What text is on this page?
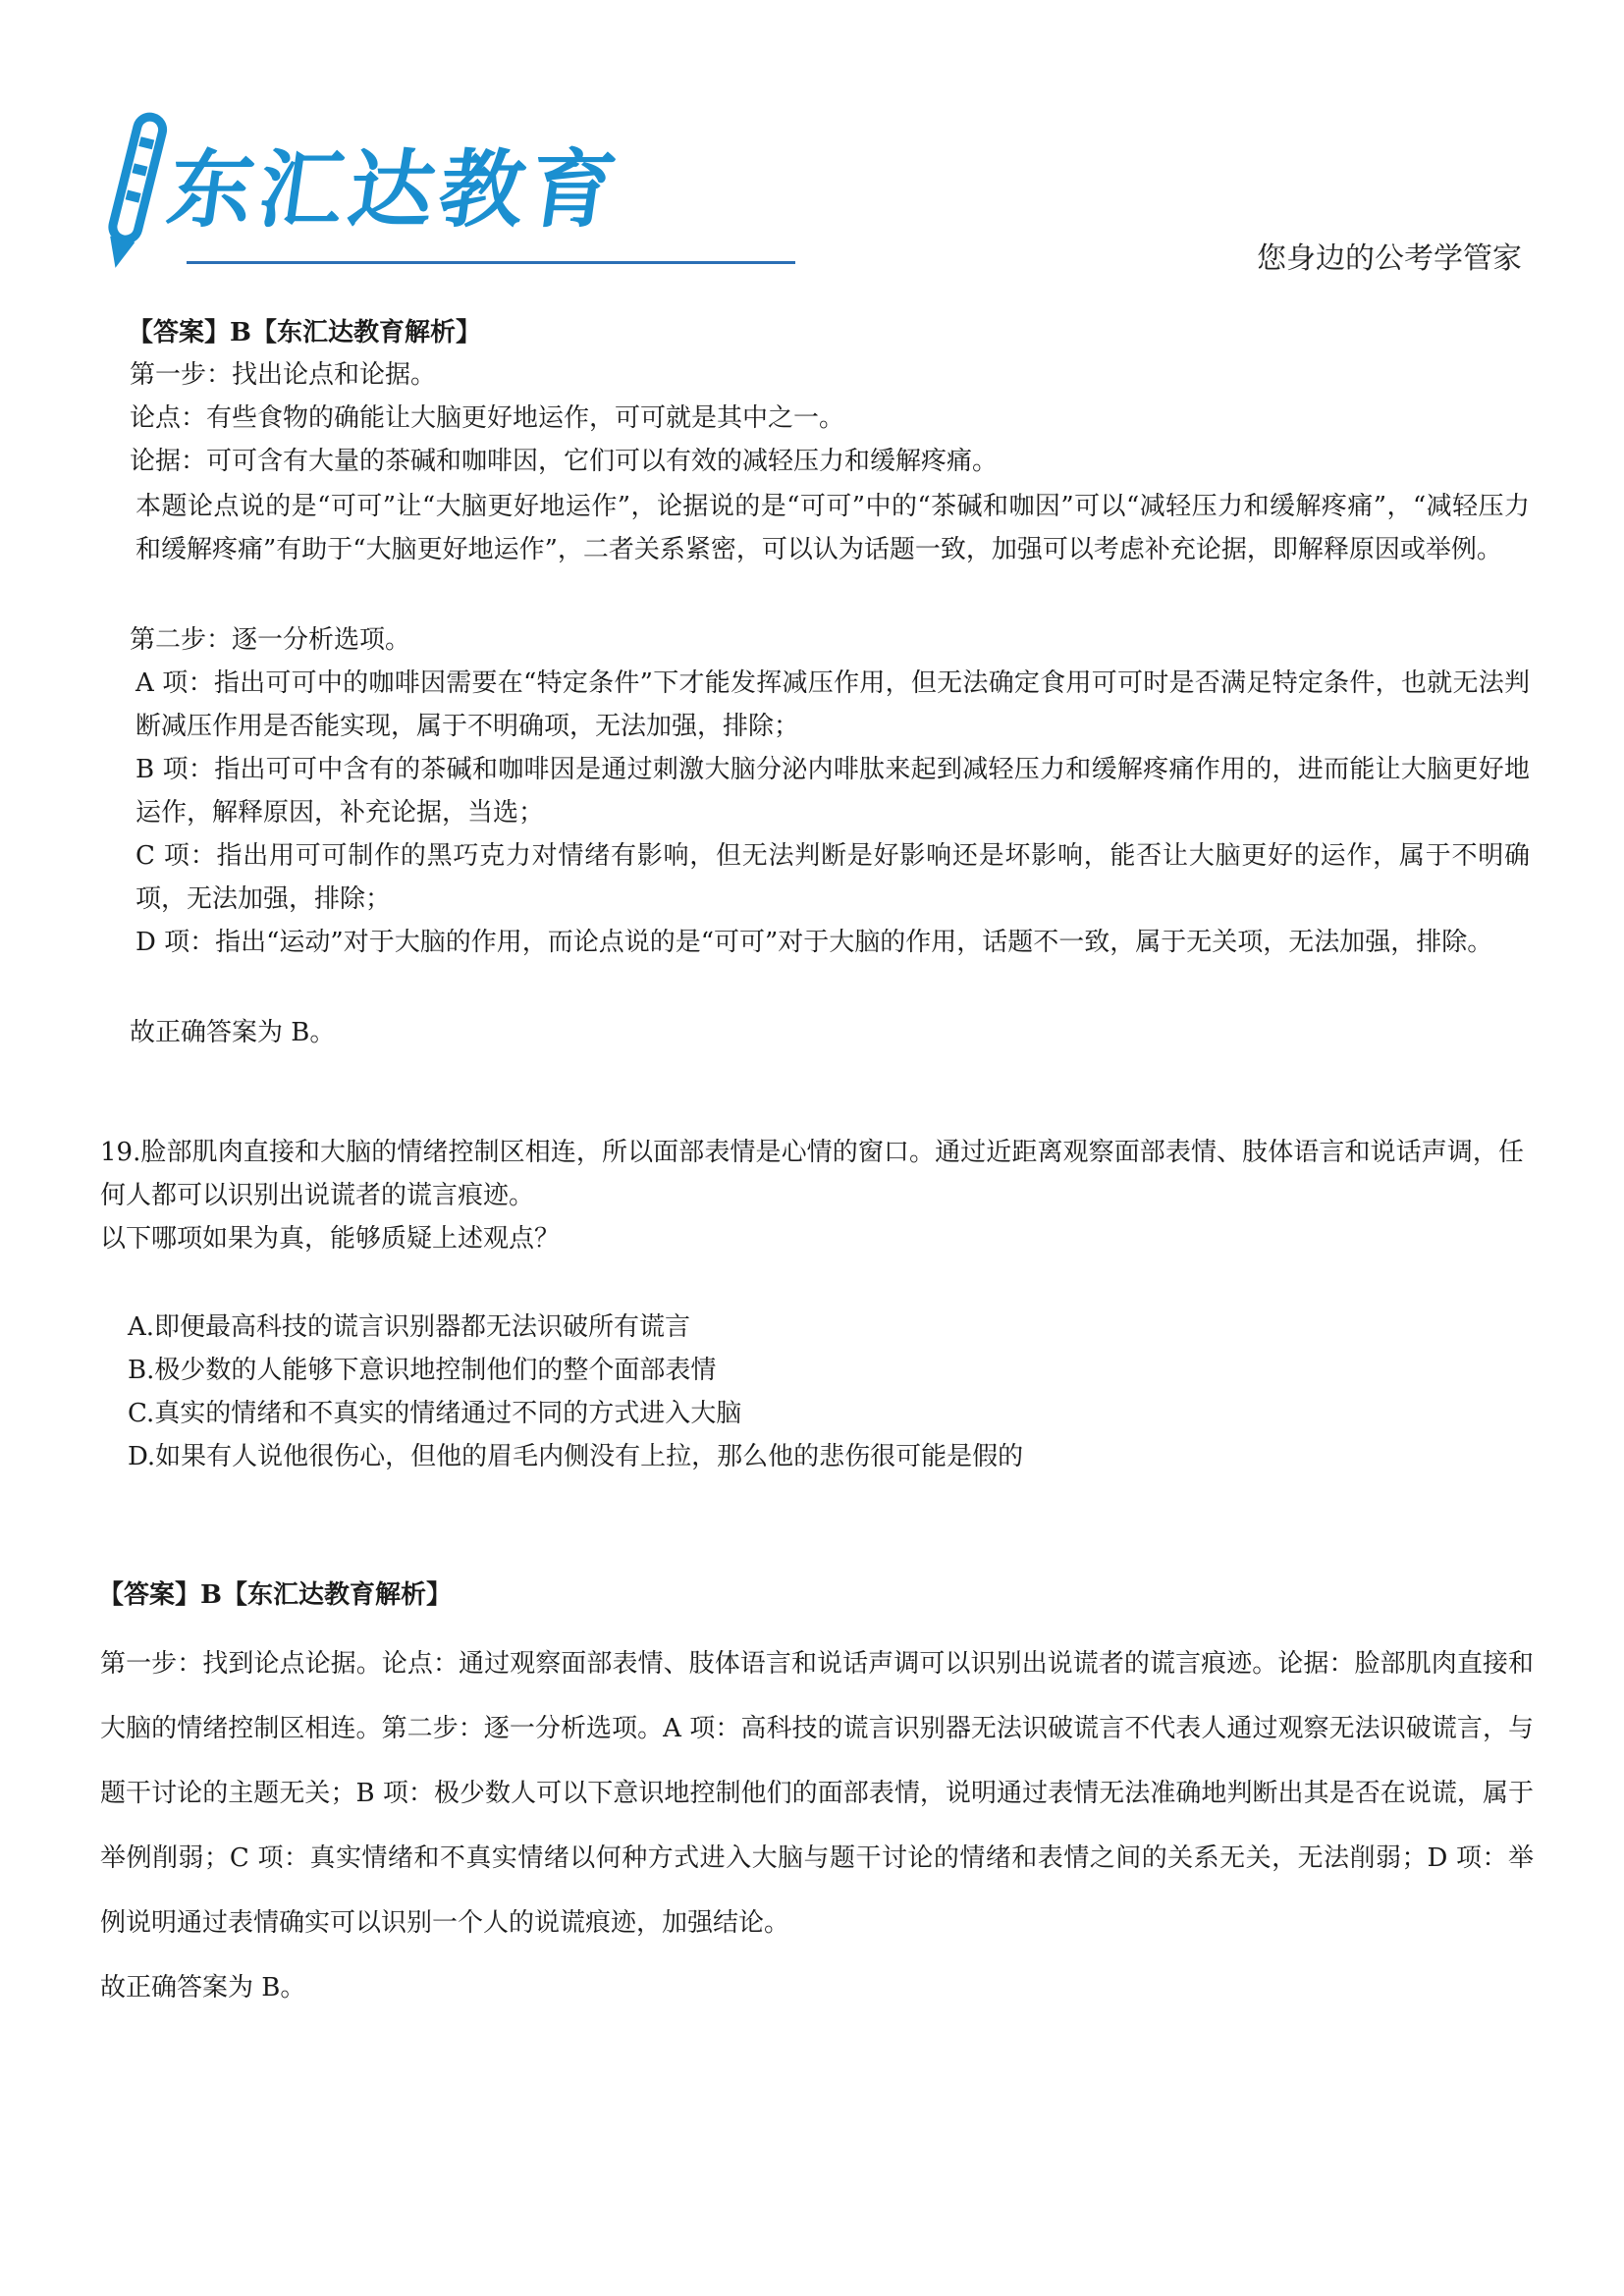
东汇达教育
您身边的公考学管家
【答案】B【东汇达教育解析】
第一步：找出论点和论据。
论点：有些食物的确能让大脑更好地运作，可可就是其中之一。
论据：可可含有大量的茶碱和咖啡因，它们可以有效的减轻压力和缓解疼痛。
本题论点说的是“可可”让“大脑更好地运作”，论据说的是“可可”中的“茶碱和咖因”可以“减轻压力和缓解疼痛”，“减轻压力和缓解疼痛”有助于“大脑更好地运作”，二者关系紧密，可以认为话题一致，加强可以考虑补充论据，即解释原因或举例。
第二步：逐一分析选项。
A 项：指出可可中的咖啡因需要在“特定条件”下才能发挥减压作用，但无法确定食用可可时是否满足特定条件，也就无法判断减压作用是否能实现，属于不明确项，无法加强，排除；
B 项：指出可可中含有的茶碱和咖啡因是通过刺激大脑分泌内啡肽来起到减轻压力和缓解疼痛作用的，进而能让大脑更好地运作，解释原因，补充论据，当选；
C 项：指出用可可制作的黑巧克力对情绪有影响，但无法判断是好影响还是坏影响，能否让大脑更好的运作，属于不明确项，无法加强，排除；
D 项：指出“运动”对于大脑的作用，而论点说的是“可可”对于大脑的作用，话题不一致，属于无关项，无法加强，排除。
故正确答案为 B。
19.脸部肌肉直接和大脑的情绪控制区相连，所以面部表情是心情的窗口。通过近距离观察面部表情、肢体语言和说话声调，任何人都可以识别出说谎者的谎言痕迹。
以下哪项如果为真，能够质疑上述观点？
A.即便最高科技的谎言识别器都无法识破所有谎言
B.极少数的人能够下意识地控制他们的整个面部表情
C.真实的情绪和不真实的情绪通过不同的方式进入大脑
D.如果有人说他很伤心，但他的眉毛内侧没有上拉，那么他的悲伤很可能是假的
【答案】B【东汇达教育解析】
第一步：找到论点论据。论点：通过观察面部表情、肢体语言和说话声调可以识别出说谎者的谎言痕迹。论据：脸部肌肉直接和大脑的情绪控制区相连。第二步：逐一分析选项。A 项：高科技的谎言识别器无法识破谎言不代表人通过观察无法识破谎言，与题干讨论的主题无关；B 项：极少数人可以下意识地控制他们的面部表情，说明通过表情无法准确地判断出其是否在说谎，属于举例削弱；C 项：真实情绪和不真实情绪以何种方式进入大脑与题干讨论的情绪和表情之间的关系无关，无法削弱；D 项：举例说明通过表情确实可以识别一个人的说谎痕迹，加强结论。
故正确答案为 B。
